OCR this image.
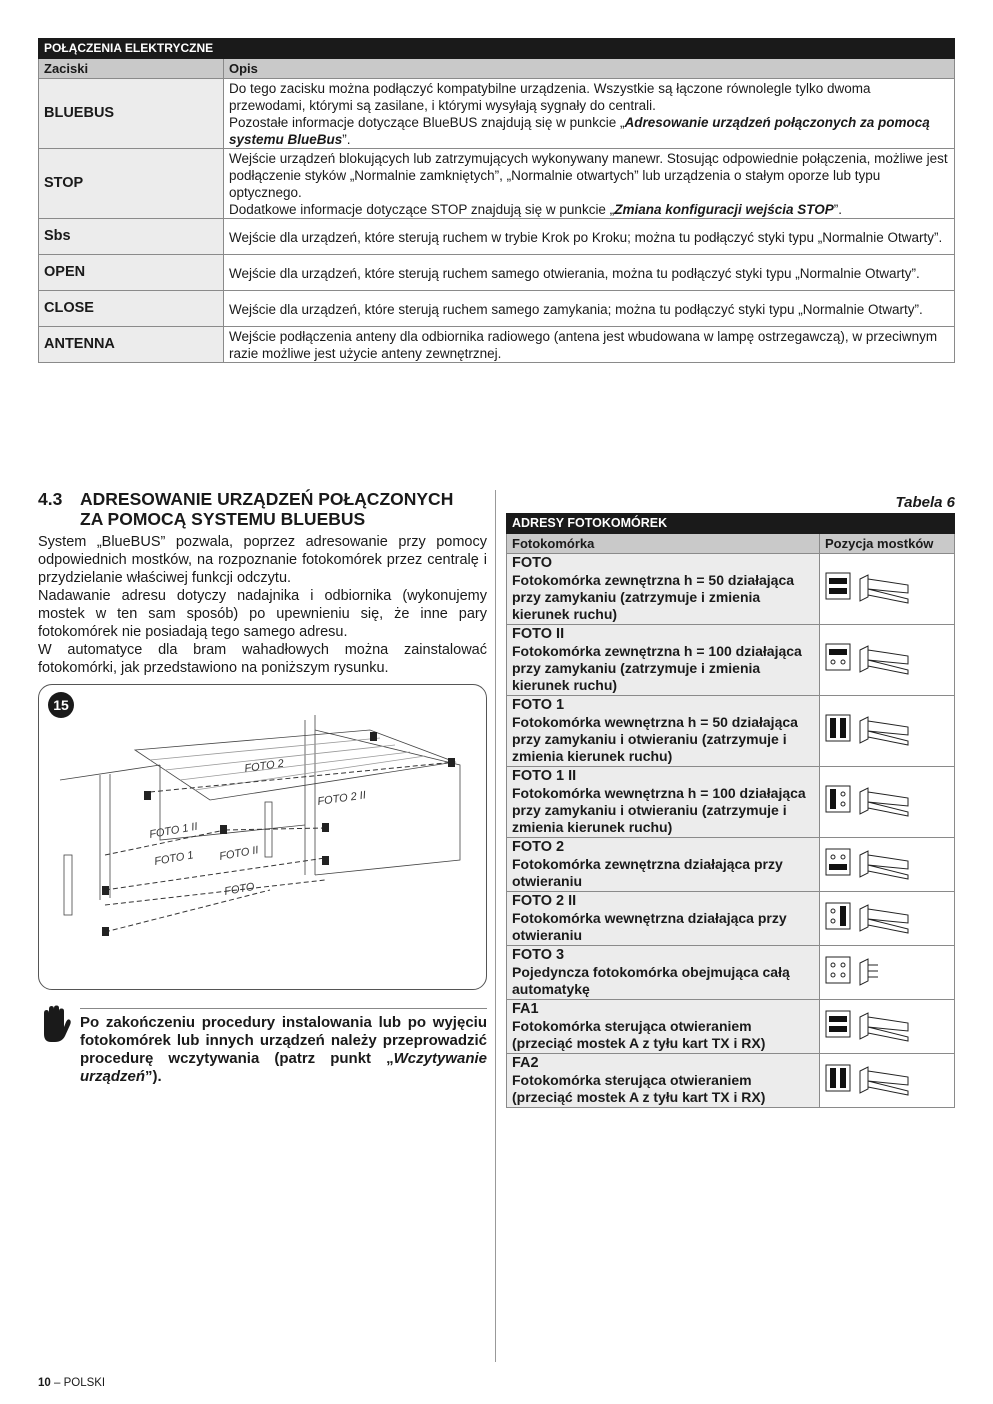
POŁĄCZENIA ELEKTRYCZNE	
Zaciski	Opis
BLUEBUS	Do tego zacisku można podłączyć kompatybilne urządzenia. Wszystkie są łączone równolegle tylko dwoma przewodami, którymi są zasilane, i którymi wysyłają sygnały do centrali.
Pozostałe informacje dotyczące BlueBUS znajdują się w punkcie „Adresowanie urządzeń połączonych za pomocą systemu BlueBus”.
STOP	Wejście urządzeń blokujących lub zatrzymujących wykonywany manewr. Stosując odpowiednie połączenia, możliwe jest podłączenie styków „Normalnie zamkniętych”, „Normalnie otwartych” lub urządzenia o stałym oporze lub typu optycznego.
Dodatkowe informacje dotyczące STOP znajdują się w punkcie „Zmiana konfiguracji wejścia STOP”.
Sbs	Wejście dla urządzeń, które sterują ruchem w trybie Krok po Kroku; można tu podłączyć styki typu „Normalnie Otwarty”.
OPEN	Wejście dla urządzeń, które sterują ruchem samego otwierania, można tu podłączyć styki typu „Normalnie Otwarty”.
CLOSE	Wejście dla urządzeń, które sterują ruchem samego zamykania; można tu podłączyć styki typu „Normalnie Otwarty”.
ANTENNA	Wejście podłączenia anteny dla odbiornika radiowego (antena jest wbudowana w lampę ostrzegawczą), w przeciwnym razie możliwe jest użycie anteny zewnętrznej.
4.3 ADRESOWANIE URZĄDZEŃ POŁĄCZONYCH ZA POMOCĄ SYSTEMU BLUEBUS

System „BlueBUS” pozwala, poprzez adresowanie przy pomocy odpowiednich mostków, na rozpoznanie fotokomórek przez centralę i przydzielanie właściwej funkcji odczytu.

Nadawanie adresu dotyczy nadajnika i odbiornika (wykonujemy mostek w ten sam sposób) po upewnieniu się, że inne pary fotokomórek nie posiadają tego samego adresu.

W automatyce dla bram wahadłowych można zainstalować fotokomórki, jak przedstawiono na poniższym rysunku.

15
FOTO 2
FOTO 2 II
FOTO 1 II
FOTO 1 FOTO II
FOTO
Po zakończeniu procedury instalowania lub po wyjęciu fotokomórek lub innych urządzeń należy przeprowadzić procedurę wczytywania (patrz punkt „Wczytywanie urządzeń”).
Tabela 6
ADRESY FOTOKOMÓREK	
Fotokomórka	Pozycja mostków

FOTO
Fotokomórka zewnętrzna h = 50 działająca przy zamykaniu (zatrzymuje i zmienia kierunek ruchu)	

FOTO II
Fotokomórka zewnętrzna h = 100 działająca przy zamykaniu (zatrzymuje i zmienia kierunek ruchu)	

FOTO 1
Fotokomórka wewnętrzna h = 50 działająca przy zamykaniu i otwieraniu (zatrzymuje i zmienia kierunek ruchu)	

FOTO 1 II
Fotokomórka wewnętrzna h = 100 działająca przy zamykaniu i otwieraniu (zatrzymuje i zmienia kierunek ruchu)	

FOTO 2
Fotokomórka zewnętrzna działająca przy otwieraniu	

FOTO 2 II
Fotokomórka wewnętrzna działająca przy otwieraniu	

FOTO 3
Pojedyncza fotokomórka obejmująca całą automatykę	

FA1
Fotokomórka sterująca otwieraniem (przeciąć mostek A z tyłu kart TX i RX)	

FA2
Fotokomórka sterująca otwieraniem (przeciąć mostek A z tyłu kart TX i RX)	
10 – POLSKI
